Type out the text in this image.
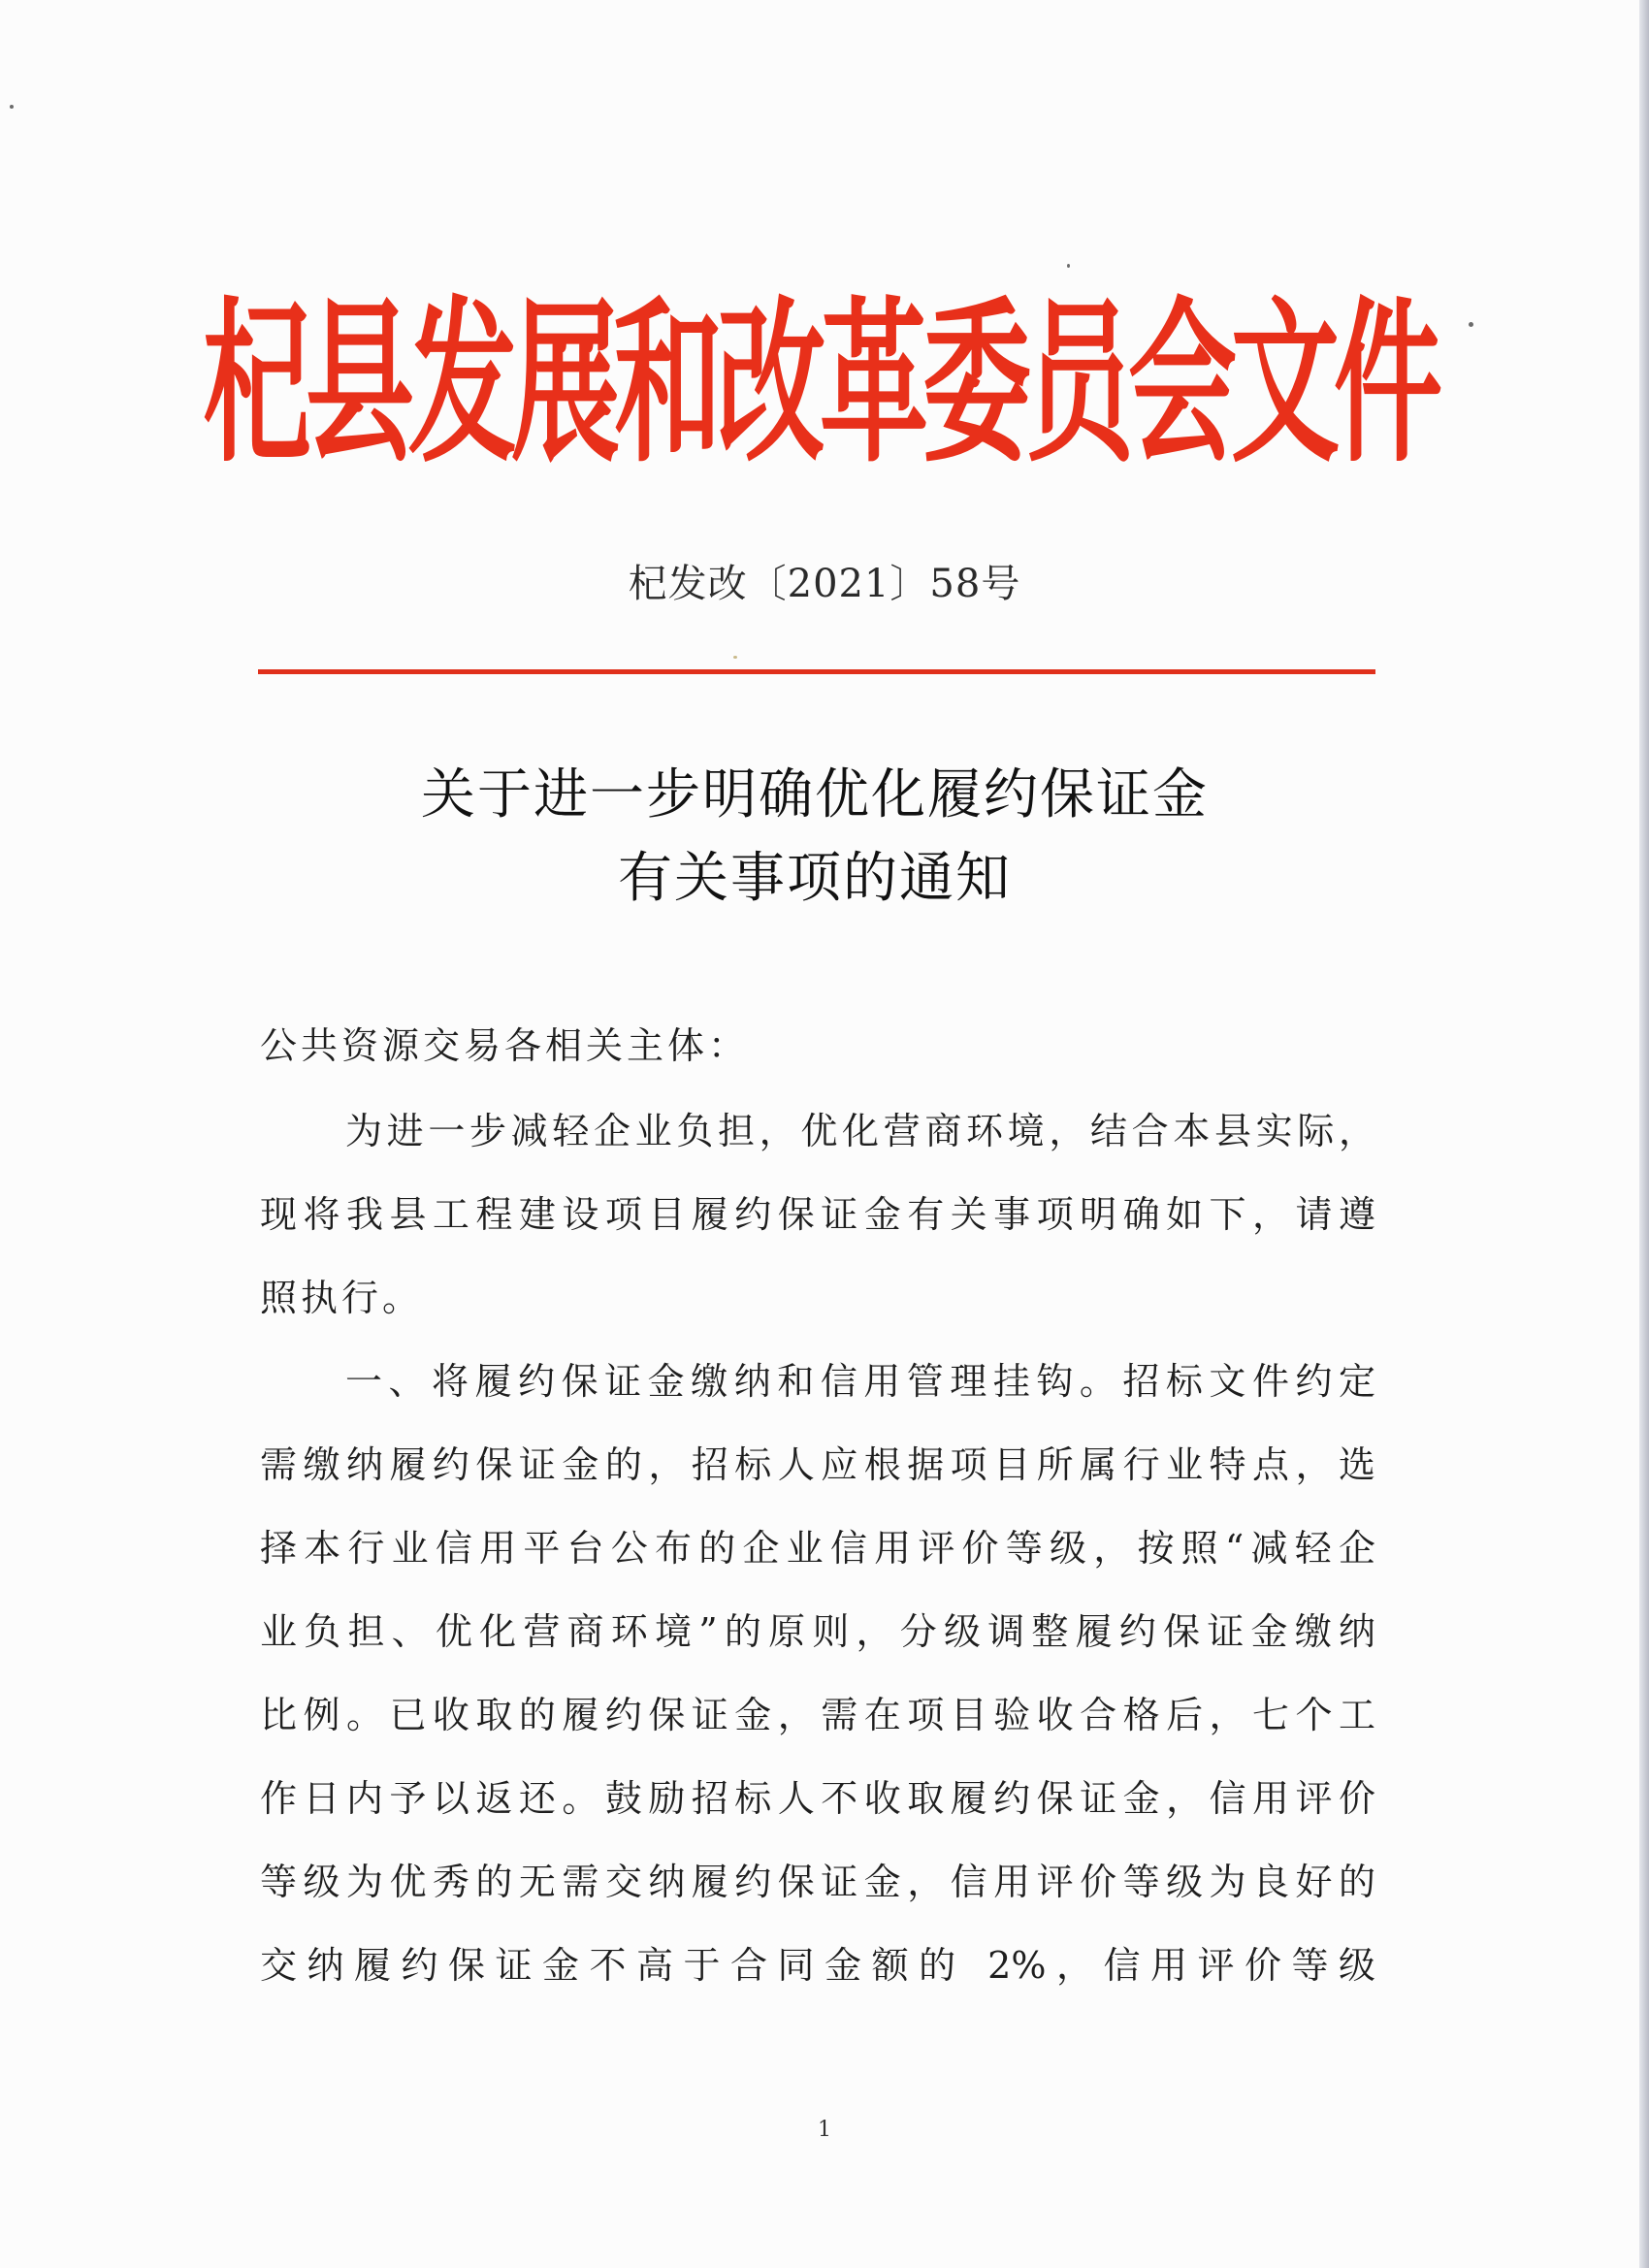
杞县发展和改革委员会文件
杞发改〔2021〕58号
关于进一步明确优化履约保证金
有关事项的通知
公共资源交易各相关主体：
为进一步减轻企业负担，优化营商环境，结合本县实际，
现将我县工程建设项目履约保证金有关事项明确如下，请遵
照执行。
一、将履约保证金缴纳和信用管理挂钩。招标文件约定
需缴纳履约保证金的，招标人应根据项目所属行业特点，选
择本行业信用平台公布的企业信用评价等级，按照“减轻企
业负担、优化营商环境”的原则，分级调整履约保证金缴纳
比例。已收取的履约保证金，需在项目验收合格后，七个工
作日内予以返还。鼓励招标人不收取履约保证金，信用评价
等级为优秀的无需交纳履约保证金，信用评价等级为良好的
交纳履约保证金不高于合同金额的 2%，信用评价等级
1
